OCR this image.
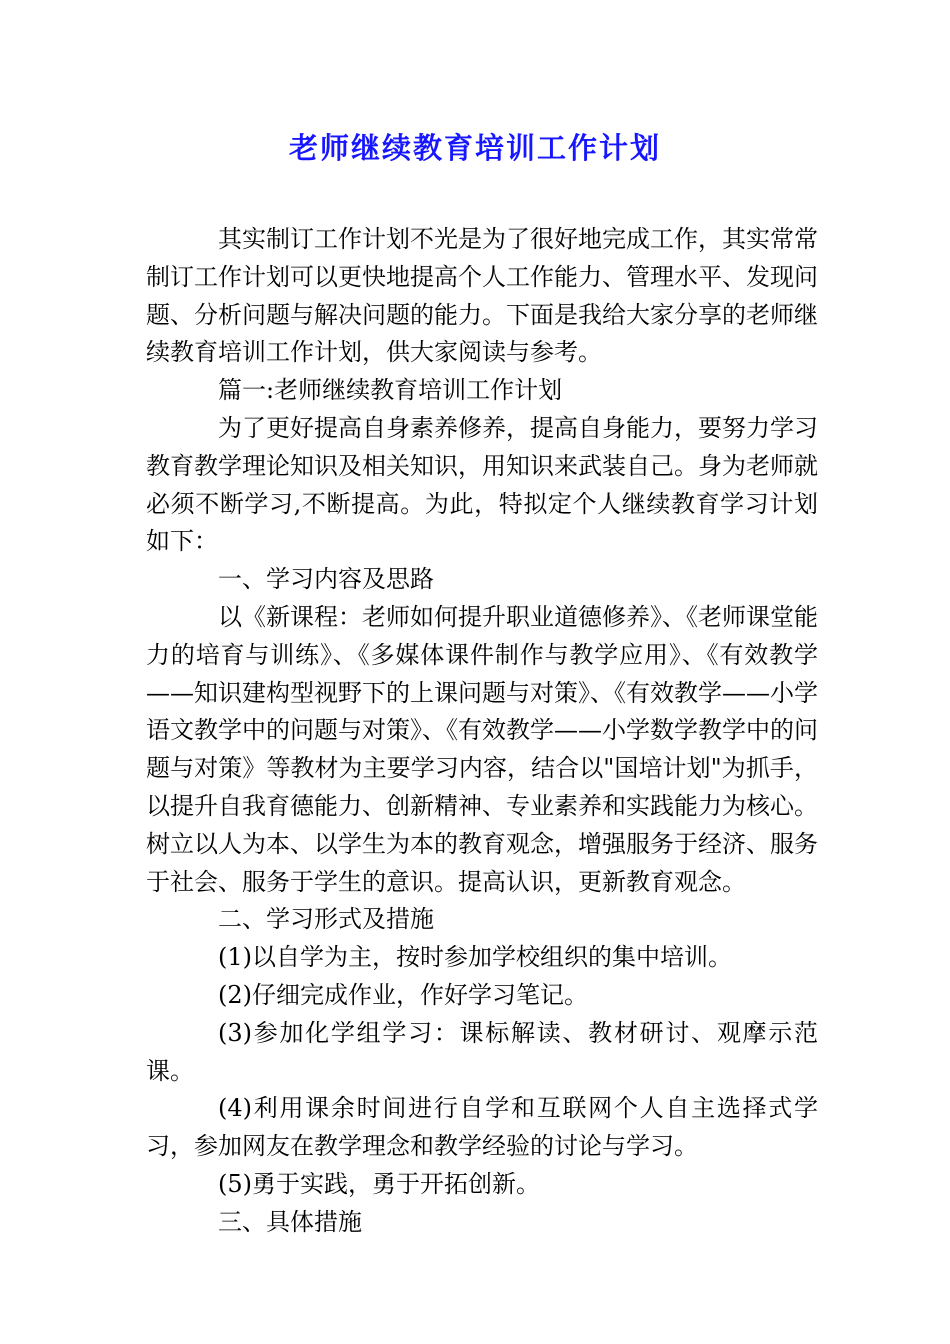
老师继续教育培训工作计划

其实制订工作计划不光是为了很好地完成工作，其实常常制订工作计划可以更快地提高个人工作能力、管理水平、发现问题、分析问题与解决问题的能力。下面是我给大家分享的老师继续教育培训工作计划，供大家阅读与参考。

篇一:老师继续教育培训工作计划

为了更好提高自身素养修养，提高自身能力，要努力学习教育教学理论知识及相关知识，用知识来武装自己。身为老师就必须不断学习,不断提高。为此，特拟定个人继续教育学习计划如下：

一、学习内容及思路

以《新课程：老师如何提升职业道德修养》、《老师课堂能力的培育与训练》、《多媒体课件制作与教学应用》、《有效教学——知识建构型视野下的上课问题与对策》、《有效教学——小学语文教学中的问题与对策》、《有效教学——小学数学教学中的问题与对策》等教材为主要学习内容，结合以"国培计划"为抓手，以提升自我育德能力、创新精神、专业素养和实践能力为核心。树立以人为本、以学生为本的教育观念，增强服务于经济、服务于社会、服务于学生的意识。提高认识，更新教育观念。

二、学习形式及措施

(1)以自学为主，按时参加学校组织的集中培训。

(2)仔细完成作业，作好学习笔记。

(3)参加化学组学习：课标解读、教材研讨、观摩示范课。

(4)利用课余时间进行自学和互联网个人自主选择式学习，参加网友在教学理念和教学经验的讨论与学习。

(5)勇于实践，勇于开拓创新。

三、具体措施
